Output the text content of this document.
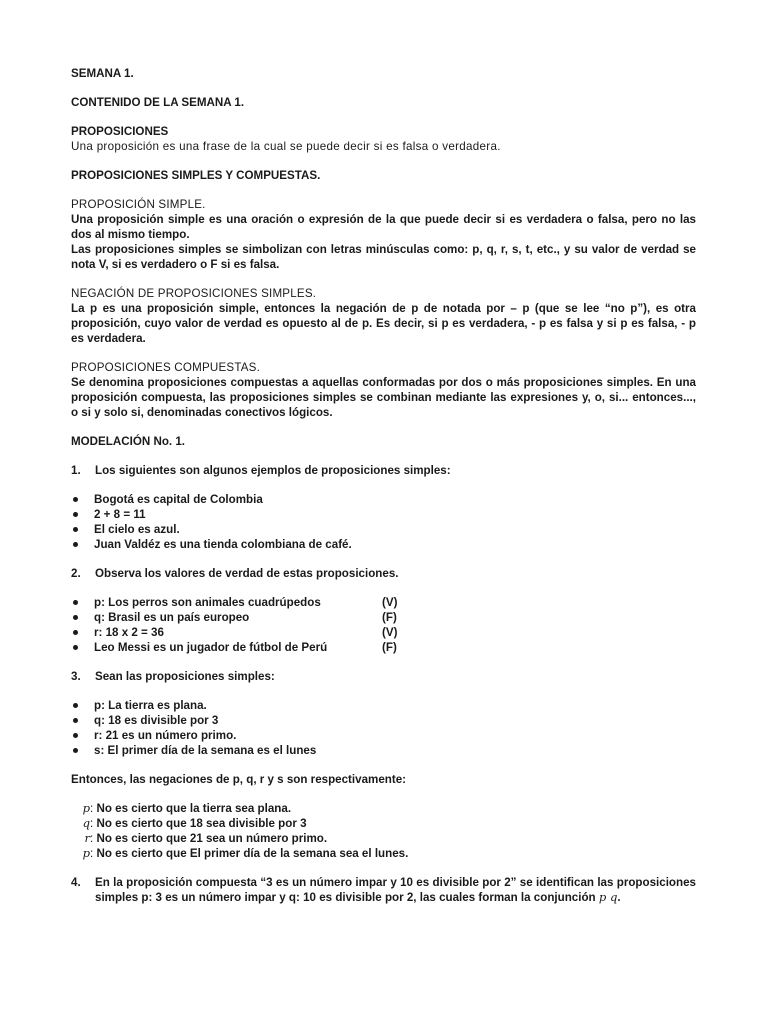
SEMANA 1.

CONTENIDO DE LA SEMANA 1.

PROPOSICIONES

Una proposición es una frase de la cual se puede decir si es falsa o verdadera.

PROPOSICIONES SIMPLES Y COMPUESTAS.

PROPOSICIÓN SIMPLE.

Una proposición simple es una oración o expresión de la que puede decir si es verdadera o falsa, pero no las dos al mismo tiempo.

Las proposiciones simples se simbolizan con letras minúsculas como: p, q, r, s, t, etc., y su valor de verdad se nota V, si es verdadero o F si es falsa.

NEGACIÓN DE PROPOSICIONES SIMPLES.

La p es una proposición simple, entonces la negación de p de notada por – p (que se lee “no p”), es otra proposición, cuyo valor de verdad es opuesto al de p. Es decir, si p es verdadera, - p es falsa y si p es falsa, - p es verdadera.

PROPOSICIONES COMPUESTAS.

Se denomina proposiciones compuestas a aquellas conformadas por dos o más proposiciones simples. En una proposición compuesta, las proposiciones simples se combinan mediante las expresiones y, o, si... entonces..., o si y solo si, denominadas conectivos lógicos.

MODELACIÓN No. 1.

1.	Los siguientes son algunos ejemplos de proposiciones simples:
Bogotá es capital de Colombia
2 + 8 = 11
El cielo es azul.
Juan Valdéz es una tienda colombiana de café.
2.	Observa los valores de verdad de estas proposiciones.
p: Los perros son animales cuadrúpedos	(V)
q: Brasil es un país europeo	(F)
r: 18 x 2 = 36	(V)
Leo Messi es un jugador de fútbol de Perú	(F)
3.	Sean las proposiciones simples:
p: La tierra es plana.
q: 18 es divisible por 3
r: 21 es un número primo.
s: El primer día de la semana es el lunes

Entonces, las negaciones de p, q, r y s son respectivamente:

p: No es cierto que la tierra sea plana.
q: No es cierto que 18 sea divisible por 3
r: No es cierto que 21 sea un número primo.
p: No es cierto que El primer día de la semana sea el lunes.
4.	En la proposición compuesta “3 es un número impar y 10 es divisible por 2” se identifican las proposiciones simples p: 3 es un número impar y q: 10 es divisible por 2, las cuales forman la conjunción p q.
